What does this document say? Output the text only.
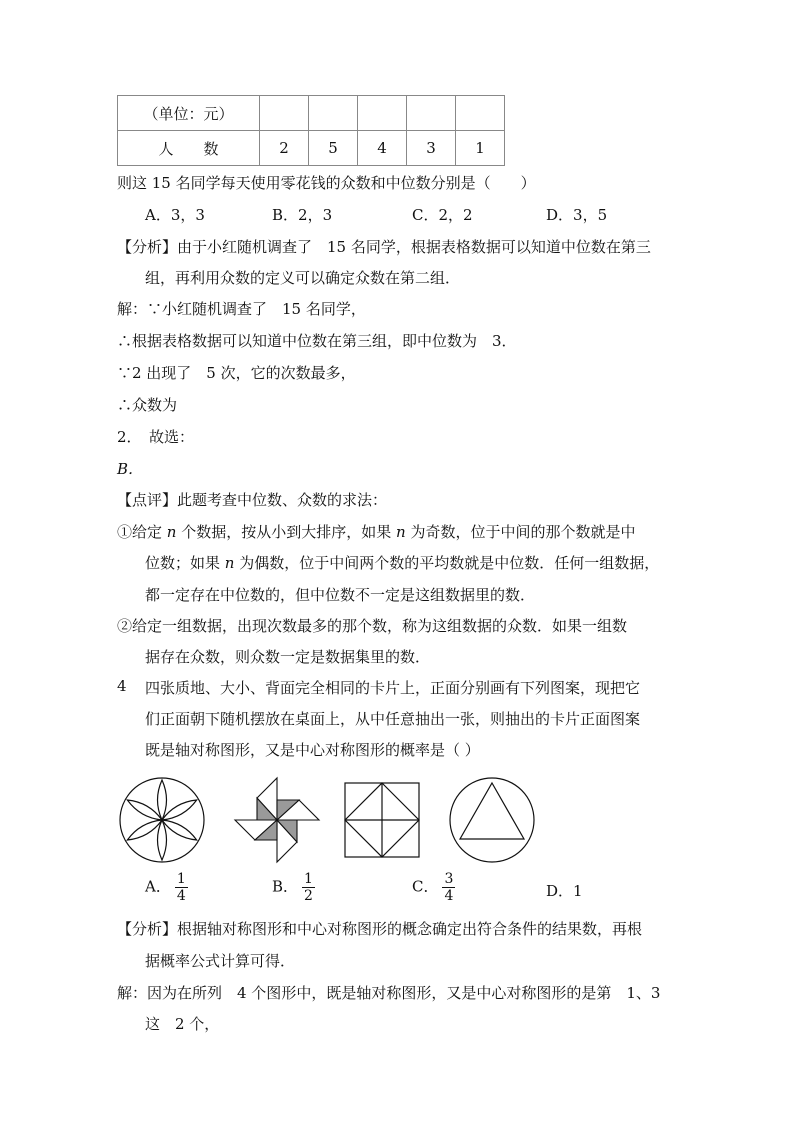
（单位：元）					
人　　数	2	5	4	3	1
则这 15 名同学每天使用零花钱的众数和中位数分别是（　　）
A．3，3	B．2，3	C．2，2	D．3，5
【分析】由于小红随机调查了　15 名同学，根据表格数据可以知道中位数在第三
组，再利用众数的定义可以确定众数在第二组．
解：∵小红随机调查了　15 名同学，
∴根据表格数据可以知道中位数在第三组，即中位数为　3．
∵2 出现了　5 次，它的次数最多，
∴众数为
2．　故选：
B．
【点评】此题考查中位数、众数的求法：
①给定 n 个数据，按从小到大排序，如果 n 为奇数，位于中间的那个数就是中
位数；如果 n 为偶数，位于中间两个数的平均数就是中位数．任何一组数据，
都一定存在中位数的，但中位数不一定是这组数据里的数．
②给定一组数据，出现次数最多的那个数，称为这组数据的众数．如果一组数
据存在众数，则众数一定是数据集里的数．
4 四张质地、大小、背面完全相同的卡片上，正面分别画有下列图案，现把它
们正面朝下随机摆放在桌面上，从中任意抽出一张，则抽出的卡片正面图案
既是轴对称图形，又是中心对称图形的概率是（ ）
A． $\frac{1}{4}$	B． $\frac{1}{2}$	C． $\frac{3}{4}$	D．1
【分析】根据轴对称图形和中心对称图形的概念确定出符合条件的结果数，再根
据概率公式计算可得．
解：因为在所列　4 个图形中，既是轴对称图形，又是中心对称图形的是第　1、3
这　2 个，
